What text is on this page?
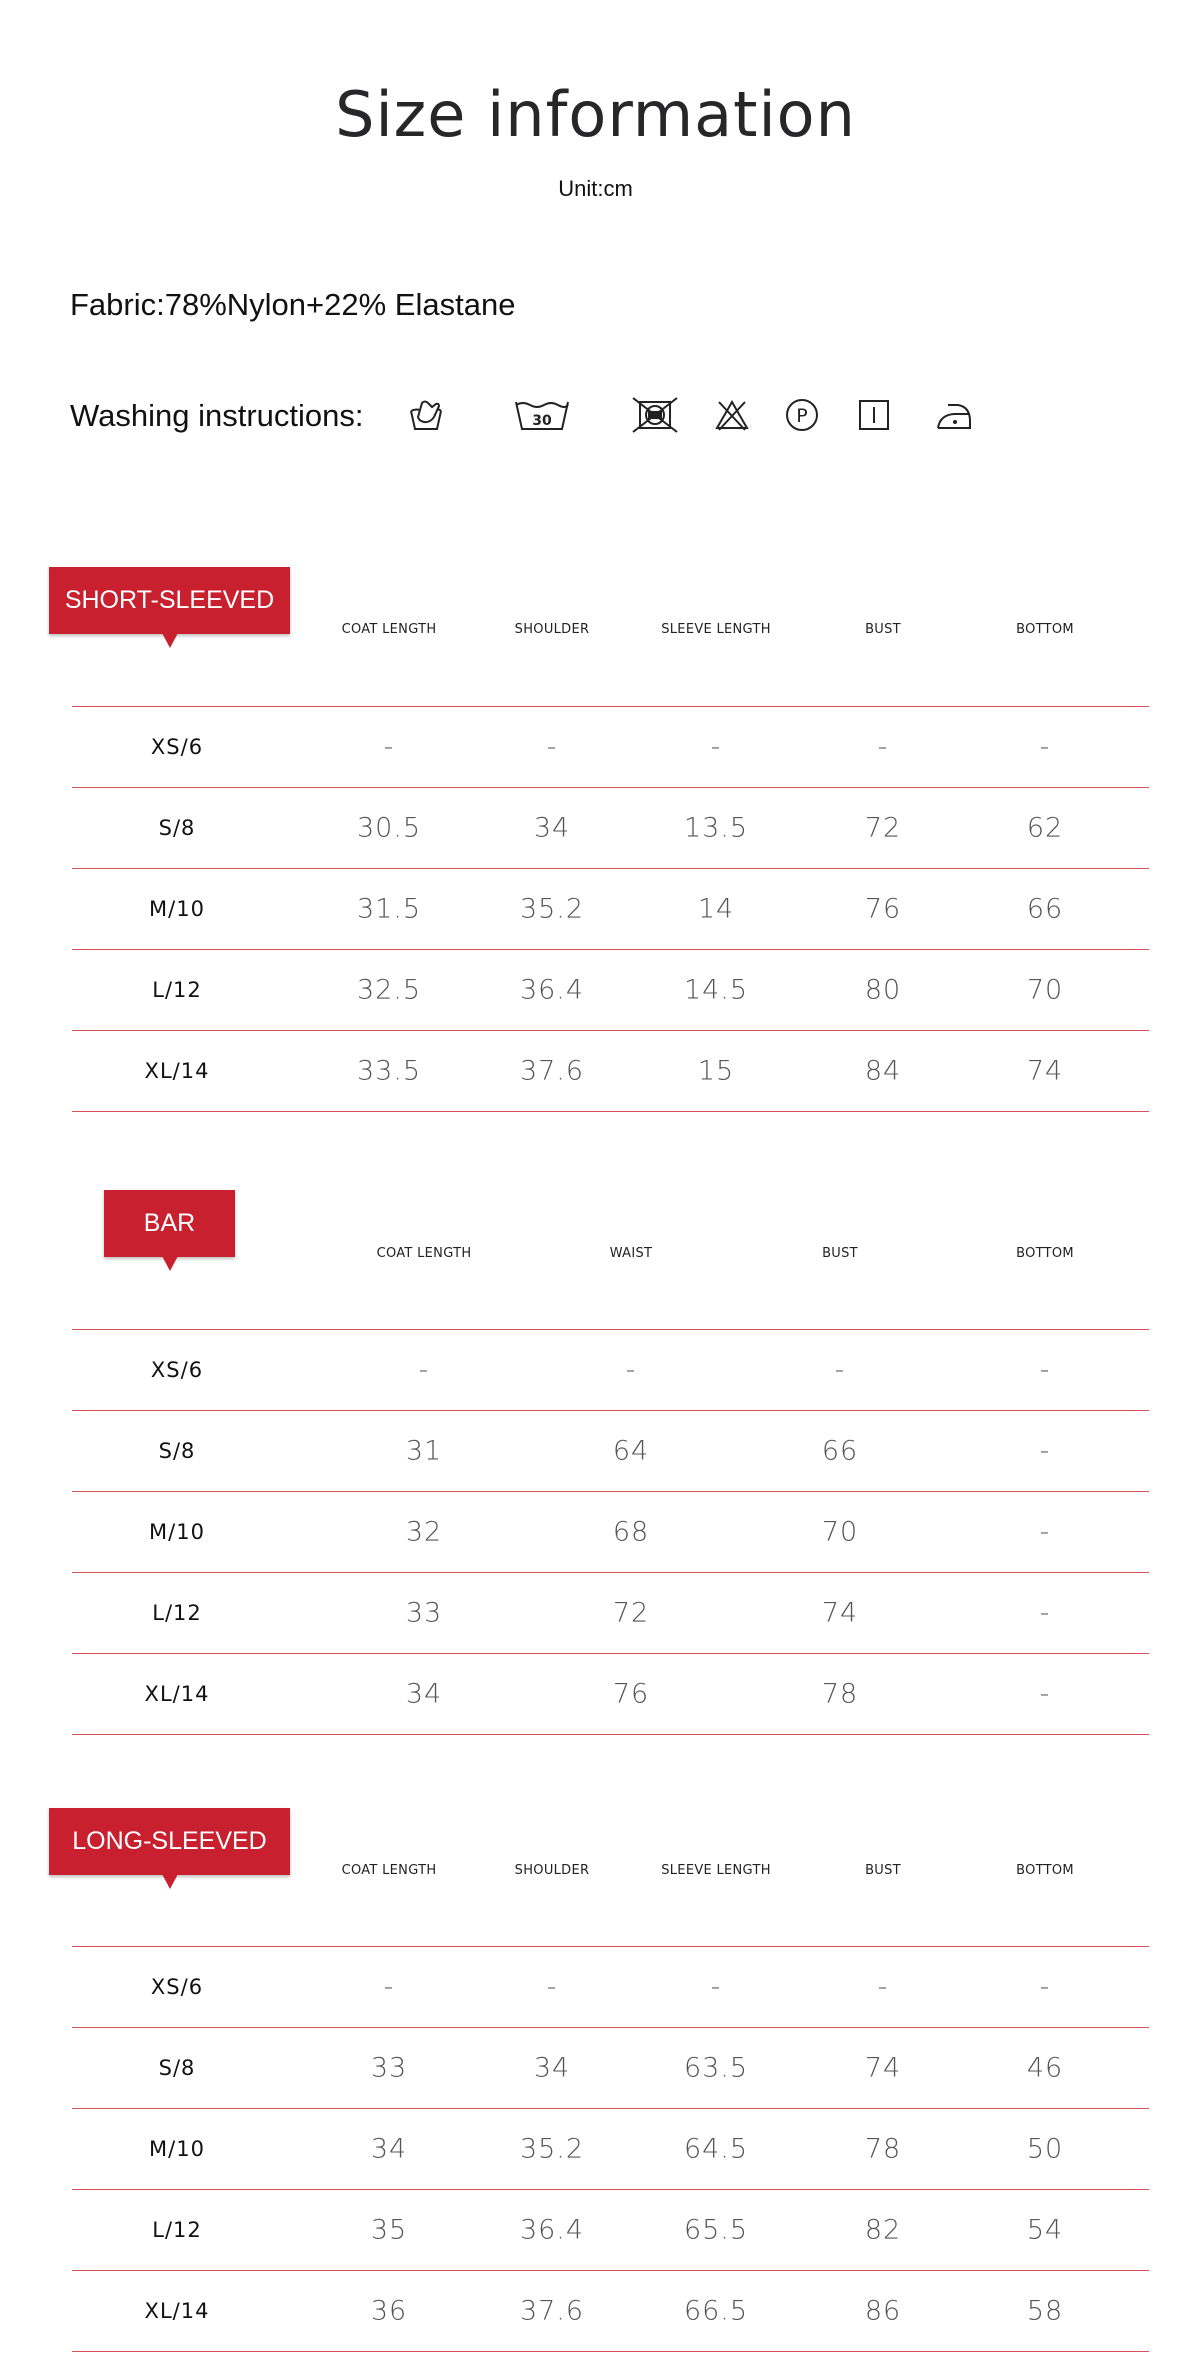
Size information
Unit:cm
Fabric:78%Nylon+22% Elastane
Washing instructions:	30	P
SHORT-SLEEVED
COAT LENGTH	SHOULDER	SLEEVE LENGTH	BUST	BOTTOM
XS/6	-	-	-	-	-
S/8	30.5	34	13.5	72	62
M/10	31.5	35.2	14	76	66
L/12	32.5	36.4	14.5	80	70
XL/14	33.5	37.6	15	84	74
BAR
COAT LENGTH	WAIST	BUST	BOTTOM
XS/6	-	-	-	-
S/8	31	64	66	-
M/10	32	68	70	-
L/12	33	72	74	-
XL/14	34	76	78	-
LONG-SLEEVED
COAT LENGTH	SHOULDER	SLEEVE LENGTH	BUST	BOTTOM
XS/6	-	-	-	-	-
S/8	33	34	63.5	74	46
M/10	34	35.2	64.5	78	50
L/12	35	36.4	65.5	82	54
XL/14	36	37.6	66.5	86	58
